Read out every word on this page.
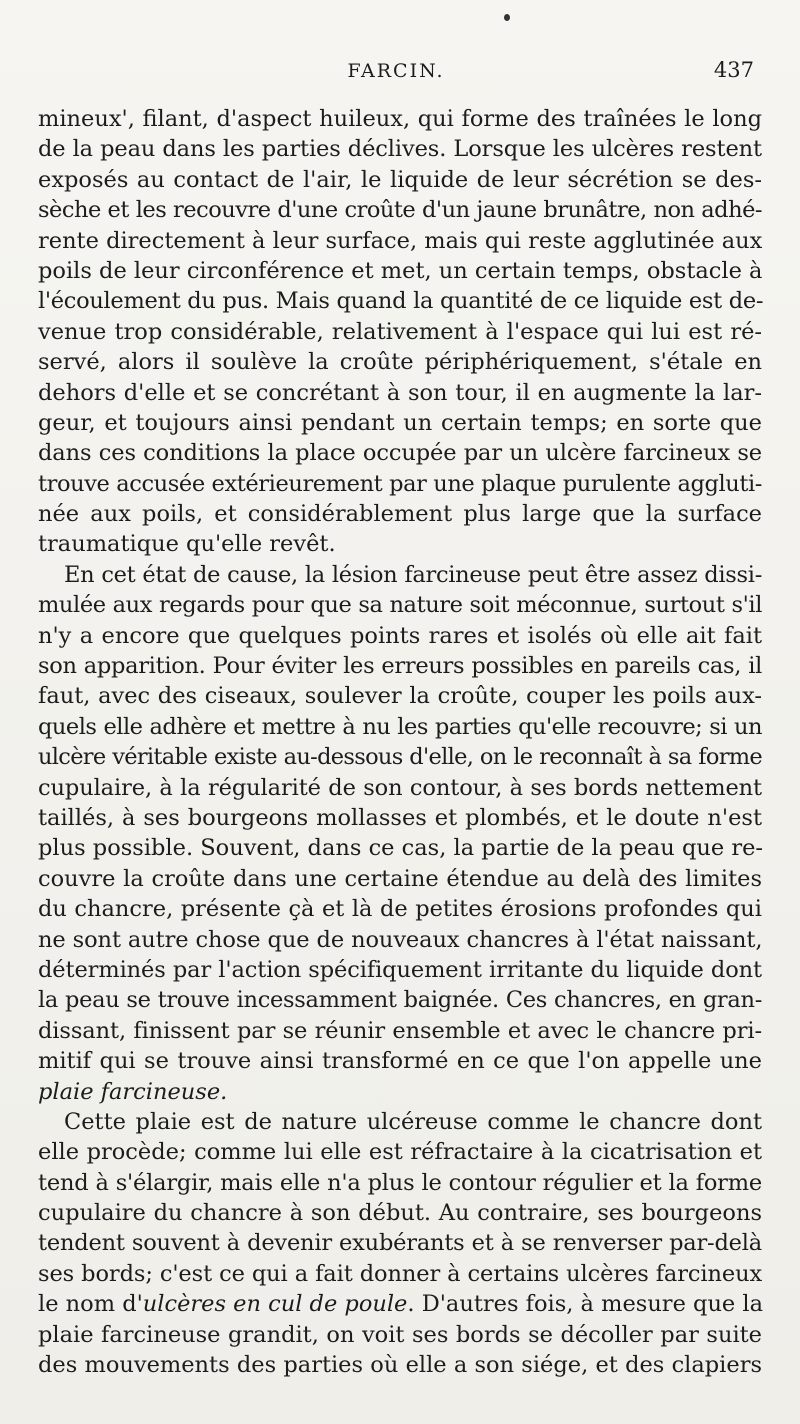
FARCIN.	437
mineux', filant, d'aspect huileux, qui forme des traînées le long
de la peau dans les parties déclives. Lorsque les ulcères restent
exposés au contact de l'air, le liquide de leur sécrétion se des-
sèche et les recouvre d'une croûte d'un jaune brunâtre, non adhé-
rente directement à leur surface, mais qui reste agglutinée aux
poils de leur circonférence et met, un certain temps, obstacle à
l'écoulement du pus. Mais quand la quantité de ce liquide est de-
venue trop considérable, relativement à l'espace qui lui est ré-
servé, alors il soulève la croûte périphériquement, s'étale en
dehors d'elle et se concrétant à son tour, il en augmente la lar-
geur, et toujours ainsi pendant un certain temps; en sorte que
dans ces conditions la place occupée par un ulcère farcineux se
trouve accusée extérieurement par une plaque purulente aggluti-
née aux poils, et considérablement plus large que la surface
traumatique qu'elle revêt.
En cet état de cause, la lésion farcineuse peut être assez dissi-
mulée aux regards pour que sa nature soit méconnue, surtout s'il
n'y a encore que quelques points rares et isolés où elle ait fait
son apparition. Pour éviter les erreurs possibles en pareils cas, il
faut, avec des ciseaux, soulever la croûte, couper les poils aux-
quels elle adhère et mettre à nu les parties qu'elle recouvre; si un
ulcère véritable existe au-dessous d'elle, on le reconnaît à sa forme
cupulaire, à la régularité de son contour, à ses bords nettement
taillés, à ses bourgeons mollasses et plombés, et le doute n'est
plus possible. Souvent, dans ce cas, la partie de la peau que re-
couvre la croûte dans une certaine étendue au delà des limites
du chancre, présente çà et là de petites érosions profondes qui
ne sont autre chose que de nouveaux chancres à l'état naissant,
déterminés par l'action spécifiquement irritante du liquide dont
la peau se trouve incessamment baignée. Ces chancres, en gran-
dissant, finissent par se réunir ensemble et avec le chancre pri-
mitif qui se trouve ainsi transformé en ce que l'on appelle une
plaie farcineuse.
Cette plaie est de nature ulcéreuse comme le chancre dont
elle procède; comme lui elle est réfractaire à la cicatrisation et
tend à s'élargir, mais elle n'a plus le contour régulier et la forme
cupulaire du chancre à son début. Au contraire, ses bourgeons
tendent souvent à devenir exubérants et à se renverser par-delà
ses bords; c'est ce qui a fait donner à certains ulcères farcineux
le nom d'ulcères en cul de poule. D'autres fois, à mesure que la
plaie farcineuse grandit, on voit ses bords se décoller par suite
des mouvements des parties où elle a son siége, et des clapiers
